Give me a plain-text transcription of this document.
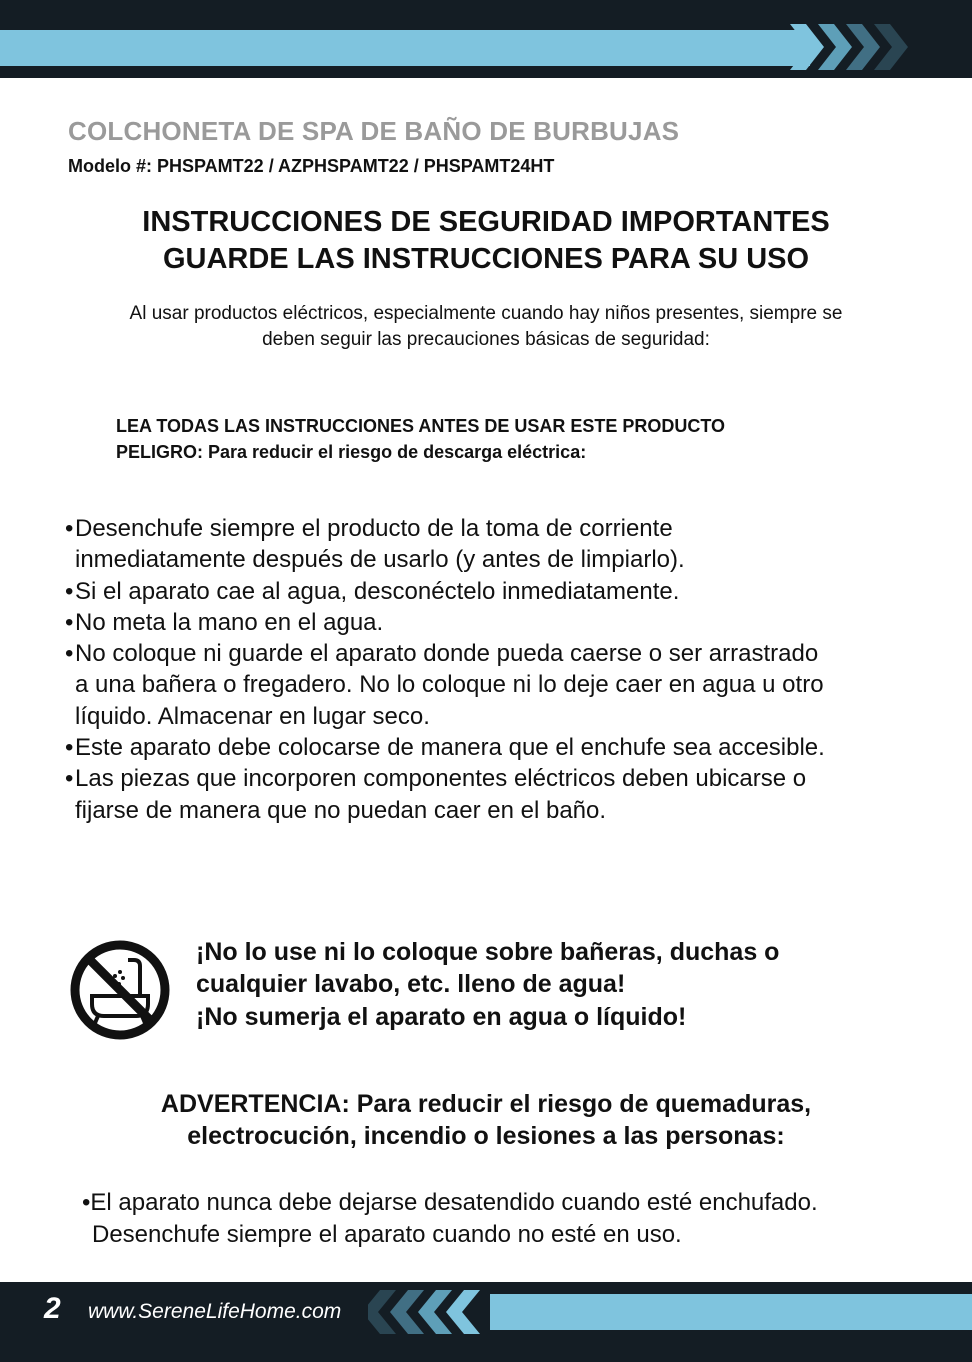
COLCHONETA DE SPA DE BAÑO DE BURBUJAS
Modelo #: PHSPAMT22 / AZPHSPAMT22 / PHSPAMT24HT
INSTRUCCIONES DE SEGURIDAD IMPORTANTES
GUARDE LAS INSTRUCCIONES PARA SU USO
Al usar productos eléctricos, especialmente cuando hay niños presentes, siempre se
deben seguir las precauciones básicas de seguridad:
LEA TODAS LAS INSTRUCCIONES ANTES DE USAR ESTE PRODUCTO
PELIGRO: Para reducir el riesgo de descarga eléctrica:
•Desenchufe siempre el producto de la toma de corriente
inmediatamente después de usarlo (y antes de limpiarlo).
•Si el aparato cae al agua, desconéctelo inmediatamente.
•No meta la mano en el agua.
•No coloque ni guarde el aparato donde pueda caerse o ser arrastrado
a una bañera o fregadero. No lo coloque ni lo deje caer en agua u otro
líquido. Almacenar en lugar seco.
•Este aparato debe colocarse de manera que el enchufe sea accesible.
•Las piezas que incorporen componentes eléctricos deben ubicarse o
fijarse de manera que no puedan caer en el baño.
¡No lo use ni lo coloque sobre bañeras, duchas o
cualquier lavabo, etc. lleno de agua!
¡No sumerja el aparato en agua o líquido!
ADVERTENCIA: Para reducir el riesgo de quemaduras,
electrocución, incendio o lesiones a las personas:
•El aparato nunca debe dejarse desatendido cuando esté enchufado.
Desenchufe siempre el aparato cuando no esté en uso.
2 www.SereneLifeHome.com
